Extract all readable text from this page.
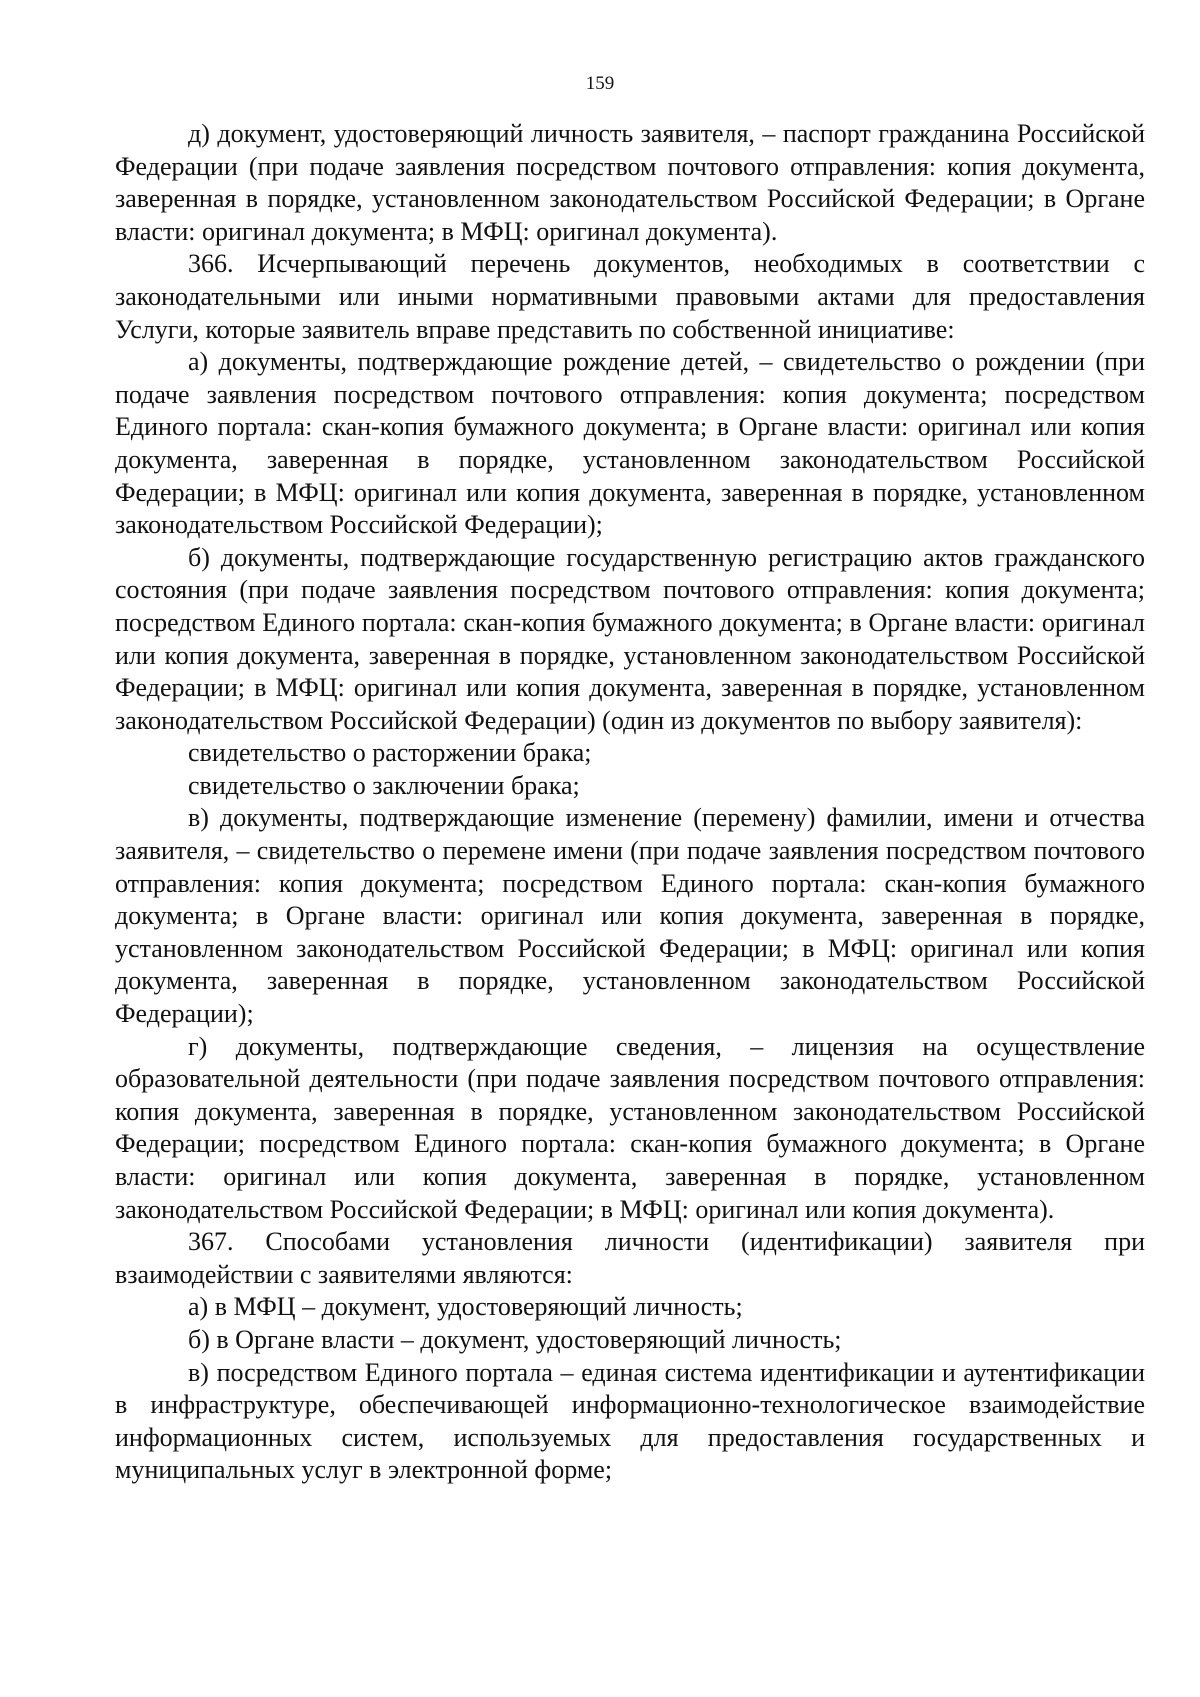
159

д) документ, удостоверяющий личность заявителя, – паспорт гражданина Российской Федерации (при подаче заявления посредством почтового отправления: копия документа, заверенная в порядке, установленном законодательством Российской Федерации; в Органе власти: оригинал документа; в МФЦ: оригинал документа).

366. Исчерпывающий перечень документов, необходимых в соответствии с законодательными или иными нормативными правовыми актами для предоставления Услуги, которые заявитель вправе представить по собственной инициативе:

а) документы, подтверждающие рождение детей, – свидетельство о рождении (при подаче заявления посредством почтового отправления: копия документа; посредством Единого портала: скан-копия бумажного документа; в Органе власти: оригинал или копия документа, заверенная в порядке, установленном законодательством Российской Федерации; в МФЦ: оригинал или копия документа, заверенная в порядке, установленном законодательством Российской Федерации);

б) документы, подтверждающие государственную регистрацию актов гражданского состояния (при подаче заявления посредством почтового отправления: копия документа; посредством Единого портала: скан-копия бумажного документа; в Органе власти: оригинал или копия документа, заверенная в порядке, установленном законодательством Российской Федерации; в МФЦ: оригинал или копия документа, заверенная в порядке, установленном законодательством Российской Федерации) (один из документов по выбору заявителя):

свидетельство о расторжении брака;

свидетельство о заключении брака;

в) документы, подтверждающие изменение (перемену) фамилии, имени и отчества заявителя, – свидетельство о перемене имени (при подаче заявления посредством почтового отправления: копия документа; посредством Единого портала: скан-копия бумажного документа; в Органе власти: оригинал или копия документа, заверенная в порядке, установленном законодательством Российской Федерации; в МФЦ: оригинал или копия документа, заверенная в порядке, установленном законодательством Российской Федерации);

г) документы, подтверждающие сведения, – лицензия на осуществление образовательной деятельности (при подаче заявления посредством почтового отправления: копия документа, заверенная в порядке, установленном законодательством Российской Федерации; посредством Единого портала: скан-копия бумажного документа; в Органе власти: оригинал или копия документа, заверенная в порядке, установленном законодательством Российской Федерации; в МФЦ: оригинал или копия документа).

367. Способами установления личности (идентификации) заявителя при взаимодействии с заявителями являются:

а) в МФЦ – документ, удостоверяющий личность;

б) в Органе власти – документ, удостоверяющий личность;

в) посредством Единого портала – единая система идентификации и аутентификации в инфраструктуре, обеспечивающей информационно-технологическое взаимодействие информационных систем, используемых для предоставления государственных и муниципальных услуг в электронной форме;
